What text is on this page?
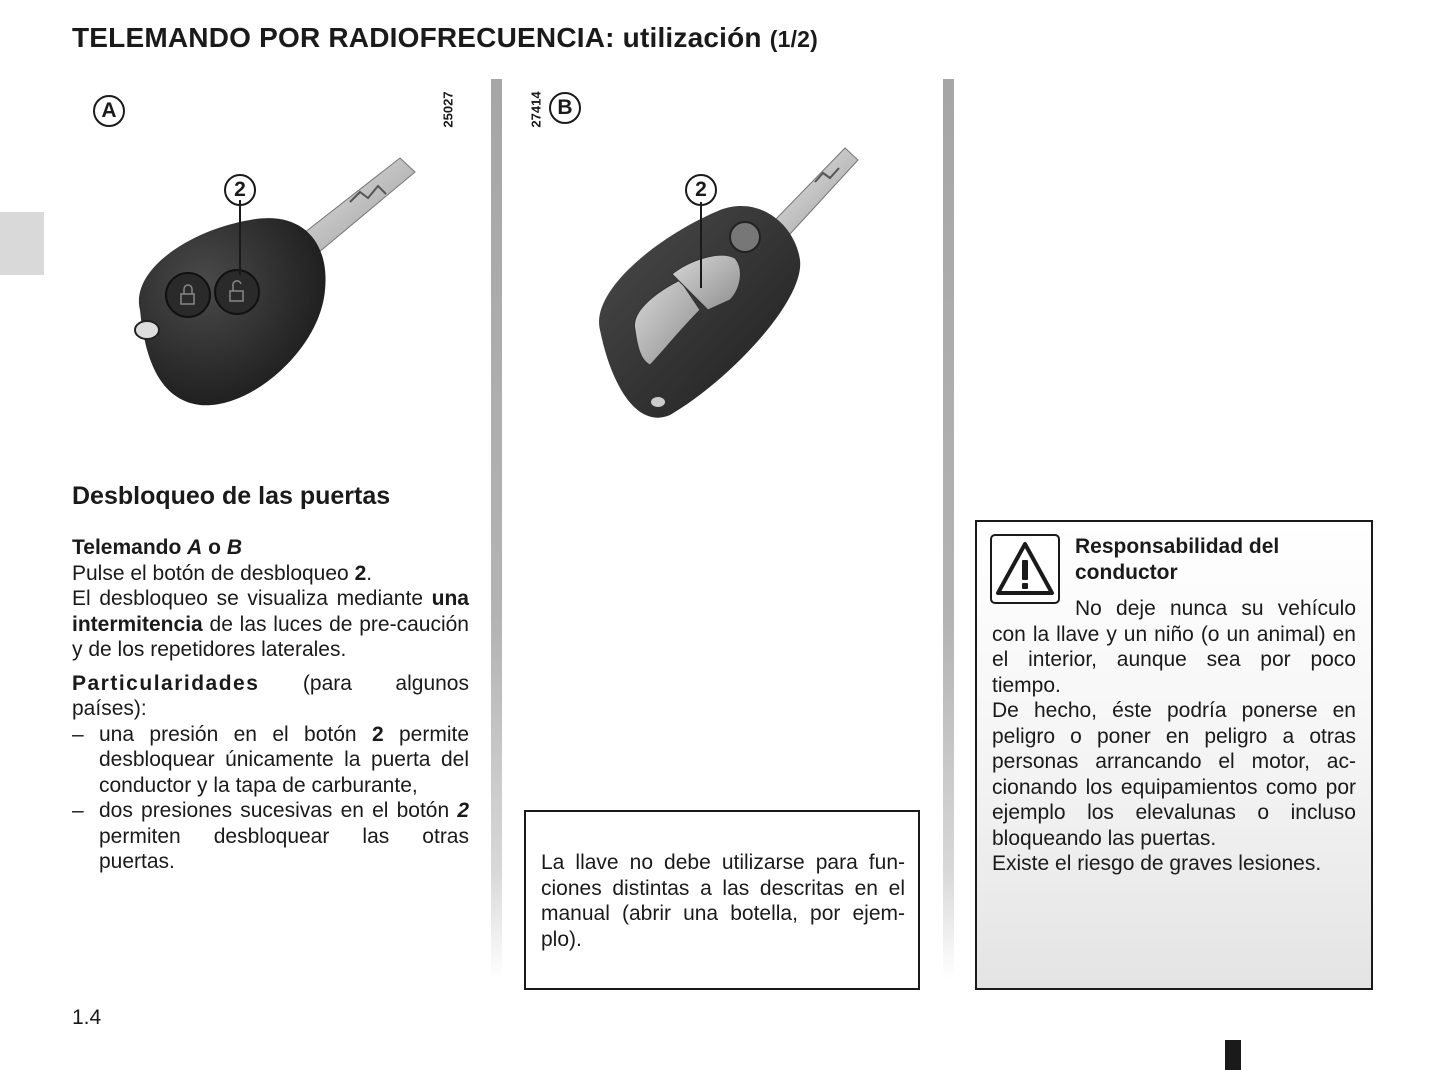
TELEMANDO POR RADIOFRECUENCIA: utilización (1/2)
A	25027
2
27414 B
2
Desbloqueo de las puertas
Telemando A o B
Pulse el botón de desbloqueo 2.
El desbloqueo se visualiza mediante una intermitencia de las luces de pre-caución y de los repetidores laterales.
Particularidades (para algunos países):
– una presión en el botón 2 permite desbloquear únicamente la puerta del conductor y la tapa de carburante,
– dos presiones sucesivas en el botón 2 permiten desbloquear las otras puertas.	La llave no debe utilizarse para funciones distintas a las descritas en el manual (abrir una botella, por ejemplo).
Responsabilidad del conductor
No deje nunca su vehículo con la llave y un niño (o un animal) en el interior, aunque sea por poco tiempo.
De hecho, éste podría ponerse en peligro o poner en peligro a otras personas arrancando el motor, accionando los equipamientos como por ejemplo los elevalunas o incluso bloqueando las puertas.
Existe el riesgo de graves lesiones.
1.4
